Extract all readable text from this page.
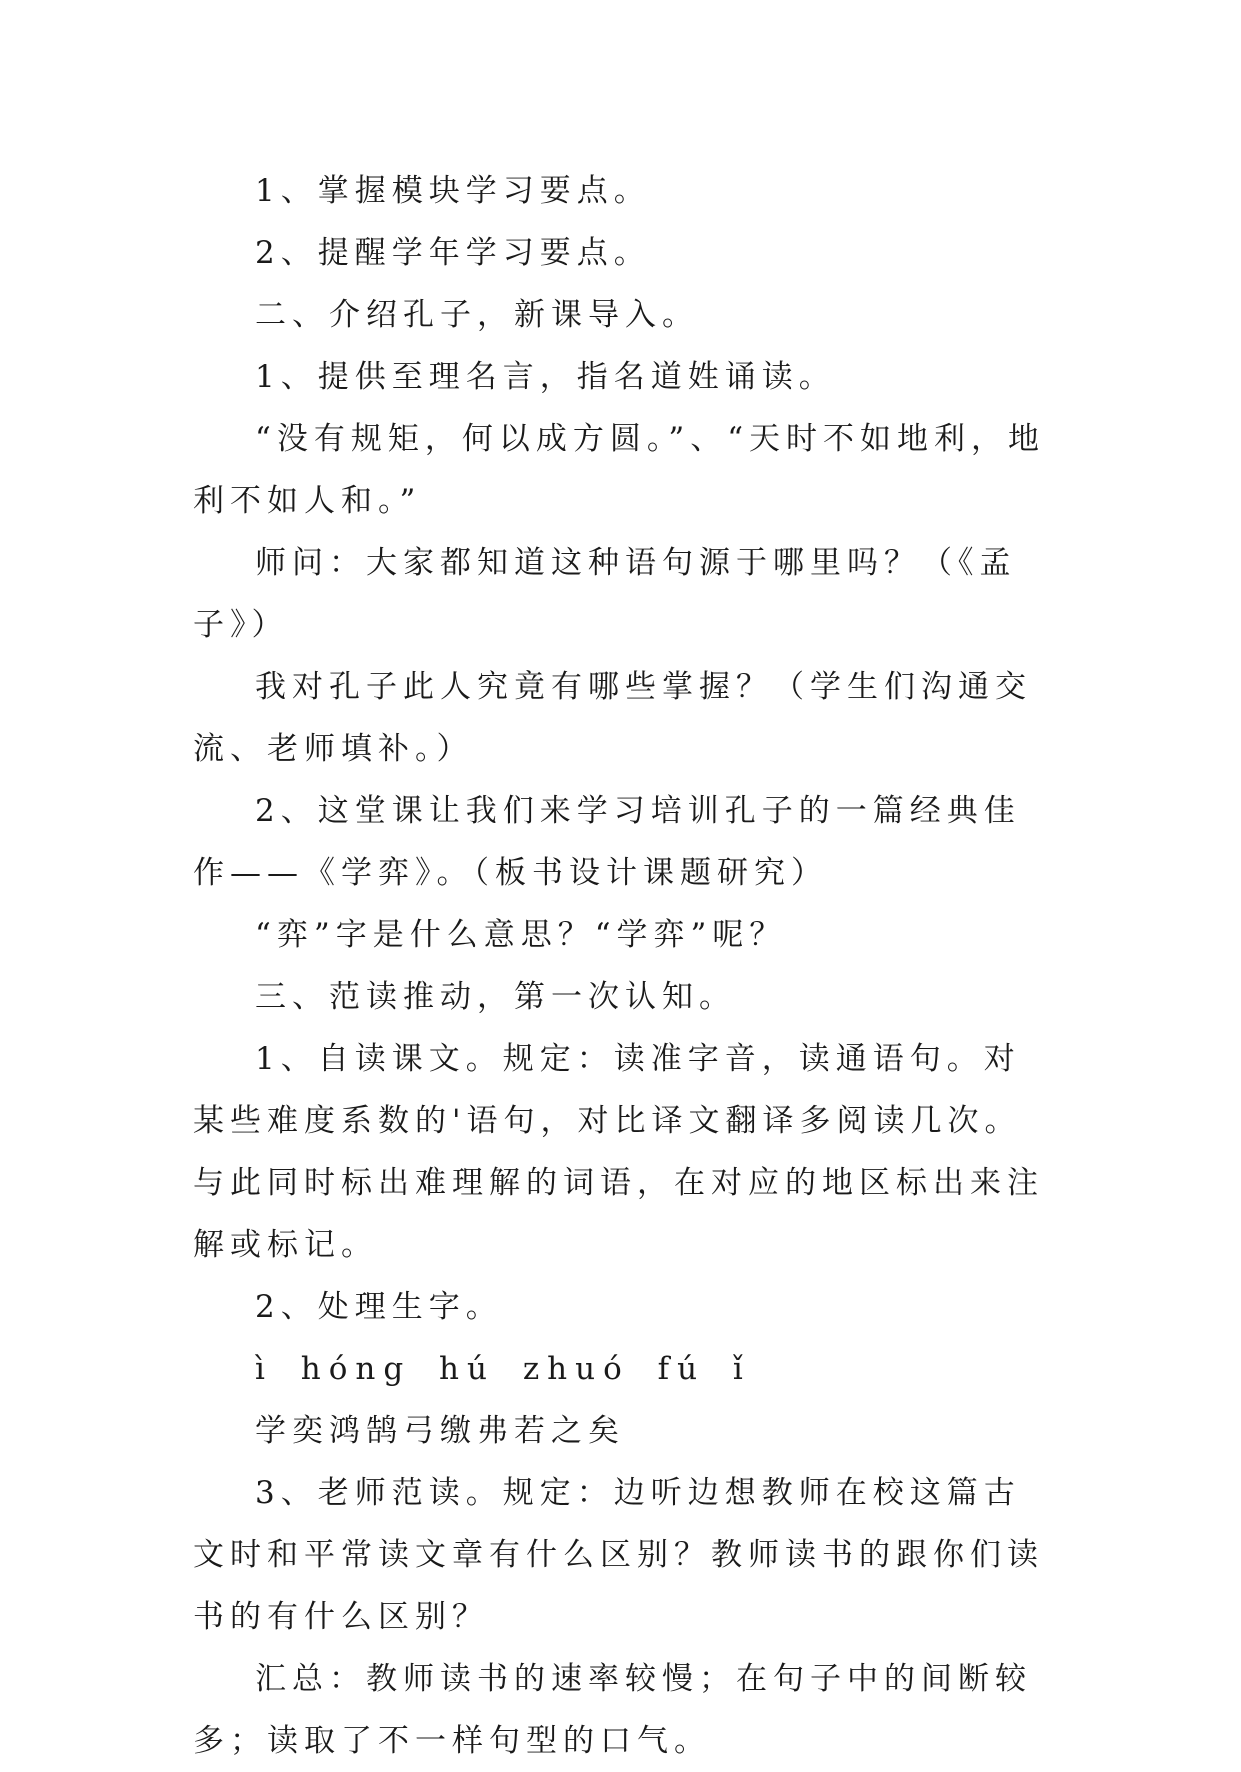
1、掌握模块学习要点。

2、提醒学年学习要点。

二、介绍孔子，新课导入。

1、提供至理名言，指名道姓诵读。

“没有规矩，何以成方圆。”、“天时不如地利，地利不如人和。”

师问：大家都知道这种语句源于哪里吗？（《孟子》）

我对孔子此人究竟有哪些掌握？（学生们沟通交流、老师填补。）

2、这堂课让我们来学习培训孔子的一篇经典佳作——《学弈》。（板书设计课题研究）

“弈”字是什么意思？“学弈”呢？

三、范读推动，第一次认知。

1、自读课文。规定：读准字音，读通语句。对某些难度系数的'语句，对比译文翻译多阅读几次。与此同时标出难理解的词语，在对应的地区标出来注解或标记。

2、处理生字。

ì hóng hú zhuó fú ǐ

学奕鸿鹄弓缴弗若之矣

3、老师范读。规定：边听边想教师在校这篇古文时和平常读文章有什么区别？教师读书的跟你们读书的有什么区别？

汇总：教师读书的速率较慢；在句子中的间断较多；读取了不一样句型的口气。
